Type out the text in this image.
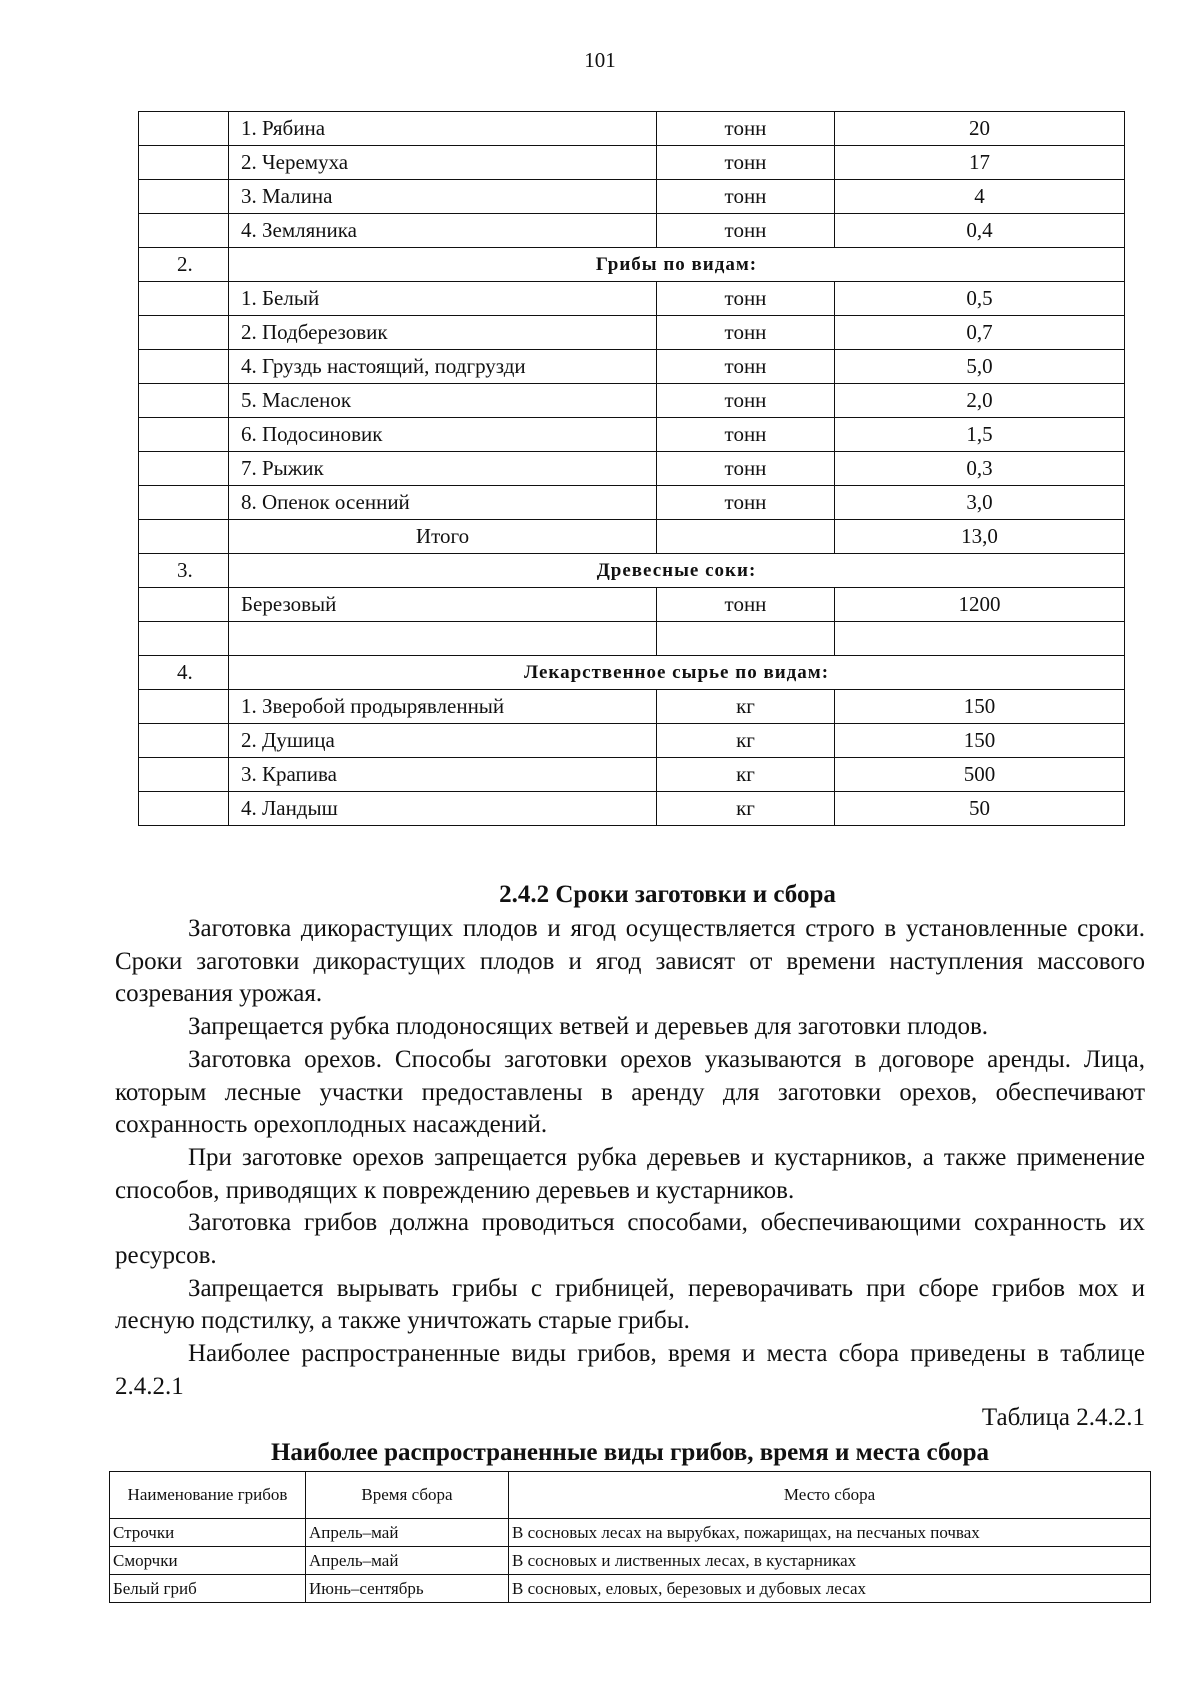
101
	1. Рябина	тонн	20
	2. Черемуха	тонн	17
	3. Малина	тонн	4
	4. Земляника	тонн	0,4
2.	Грибы по видам:		
	1. Белый	тонн	0,5
	2. Подберезовик	тонн	0,7
	4. Груздь настоящий, подгрузди	тонн	5,0
	5. Масленок	тонн	2,0
	6. Подосиновик	тонн	1,5
	7. Рыжик	тонн	0,3
	8. Опенок осенний	тонн	3,0
	Итого		13,0
3.	Древесные соки:		
	Березовый	тонн	1200

4.	Лекарственное сырье по видам:		
	1. Зверобой продырявленный	кг	150
	2. Душица	кг	150
	3. Крапива	кг	500
	4. Ландыш	кг	50
2.4.2 Сроки заготовки и сбора

Заготовка дикорастущих плодов и ягод осуществляется строго в установленные сроки. Сроки заготовки дикорастущих плодов и ягод зависят от времени наступления массового созревания урожая.

Запрещается рубка плодоносящих ветвей и деревьев для заготовки плодов.

Заготовка орехов. Способы заготовки орехов указываются в договоре аренды. Лица, которым лесные участки предоставлены в аренду для заготовки орехов, обеспечивают сохранность орехоплодных насаждений.

При заготовке орехов запрещается рубка деревьев и кустарников, а также применение способов, приводящих к повреждению деревьев и кустарников.

Заготовка грибов должна проводиться способами, обеспечивающими сохранность их ресурсов.

Запрещается вырывать грибы с грибницей, переворачивать при сборе грибов мох и лесную подстилку, а также уничтожать старые грибы.

Наиболее распространенные виды грибов, время и места сбора приведены в таблице 2.4.2.1

Таблица 2.4.2.1
Наиболее распространенные виды грибов, время и места сбора
Наименование грибов	Время сбора	Место сбора
Строчки	Апрель–май	В сосновых лесах на вырубках, пожарищах, на песчаных почвах
Сморчки	Апрель–май	В сосновых и лиственных лесах, в кустарниках
Белый гриб	Июнь–сентябрь	В сосновых, еловых, березовых и дубовых лесах
